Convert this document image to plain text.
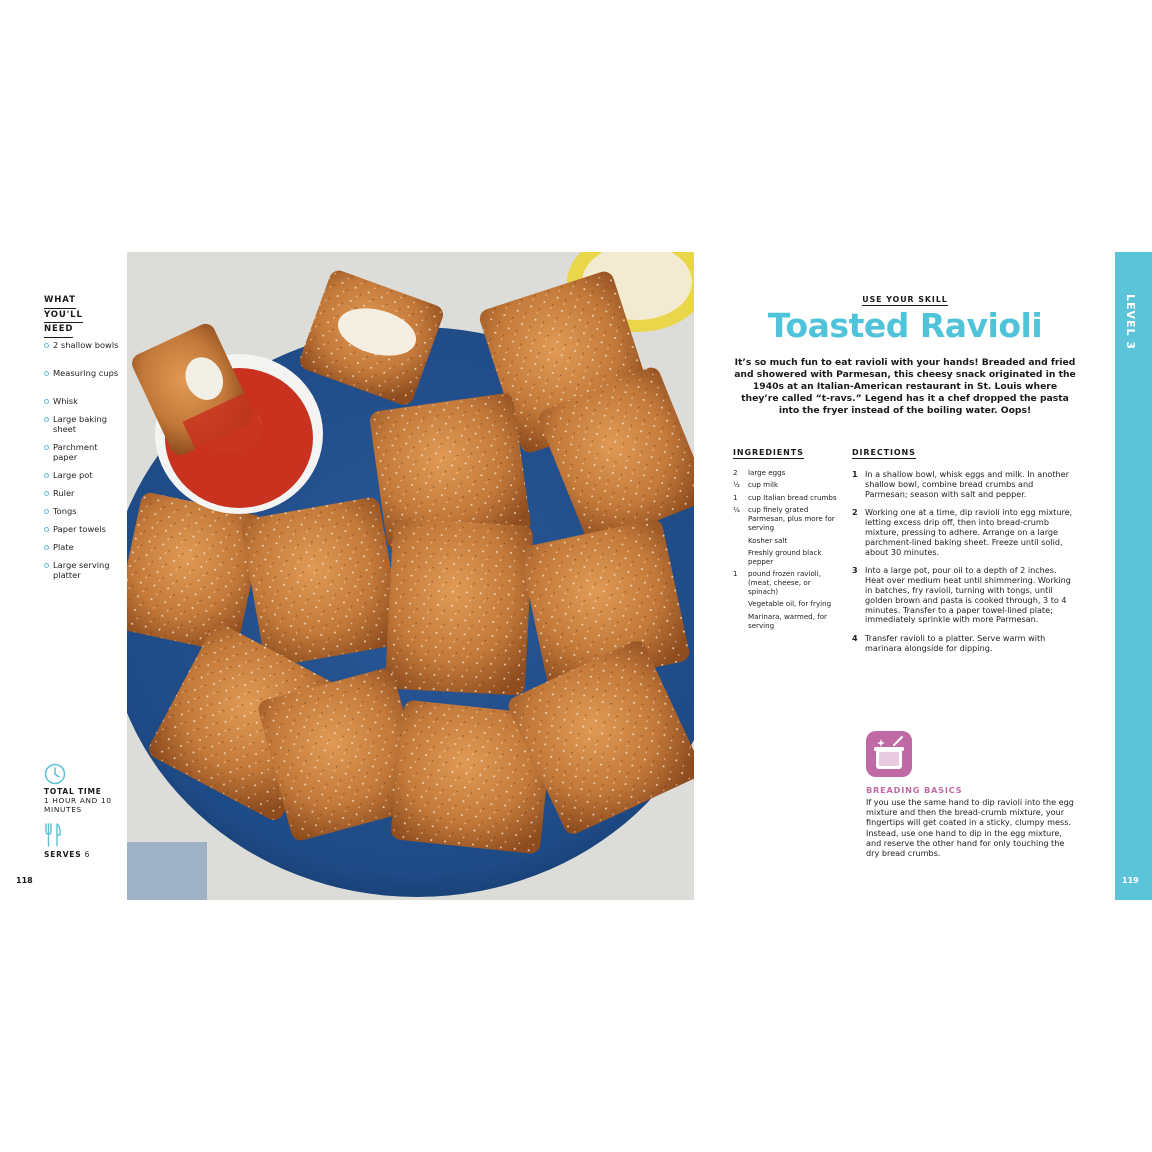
WHAT
YOU'LL
NEED
2 shallow bowls
Measuring cups
Whisk
Large baking sheet
Parchment paper
Large pot
Ruler
Tongs
Paper towels
Plate
Large serving platter
TOTAL TIME
1 HOUR AND 10 MINUTES
SERVES 6
118
USE YOUR SKILL
Toasted Ravioli
It’s so much fun to eat ravioli with your hands! Breaded and fried and showered with Parmesan, this cheesy snack originated in the 1940s at an Italian-American restaurant in St. Louis where they’re called “t-ravs.” Legend has it a chef dropped the pasta into the fryer instead of the boiling water. Oops!
INGREDIENTS
2	large eggs
½	cup milk
1	cup Italian bread crumbs
¼	cup finely grated Parmesan, plus more for serving
Kosher salt
Freshly ground black pepper
1	pound frozen ravioli, (meat, cheese, or spinach)
Vegetable oil, for frying
Marinara, warmed, for serving
DIRECTIONS
1 In a shallow bowl, whisk eggs and milk. In another shallow bowl, combine bread crumbs and Parmesan; season with salt and pepper.
2 Working one at a time, dip ravioli into egg mixture, letting excess drip off, then into bread-crumb mixture, pressing to adhere. Arrange on a large parchment-lined baking sheet. Freeze until solid, about 30 minutes.
3 Into a large pot, pour oil to a depth of 2 inches. Heat over medium heat until shimmering. Working in batches, fry ravioli, turning with tongs, until golden brown and pasta is cooked through, 3 to 4 minutes. Transfer to a paper towel-lined plate; immediately sprinkle with more Parmesan.
4 Transfer ravioli to a platter. Serve warm with marinara alongside for dipping.
BREADING BASICS
If you use the same hand to dip ravioli into the egg mixture and then the bread-crumb mixture, your fingertips will get coated in a sticky, clumpy mess. Instead, use one hand to dip in the egg mixture, and reserve the other hand for only touching the dry bread crumbs.
LEVEL 3
119
